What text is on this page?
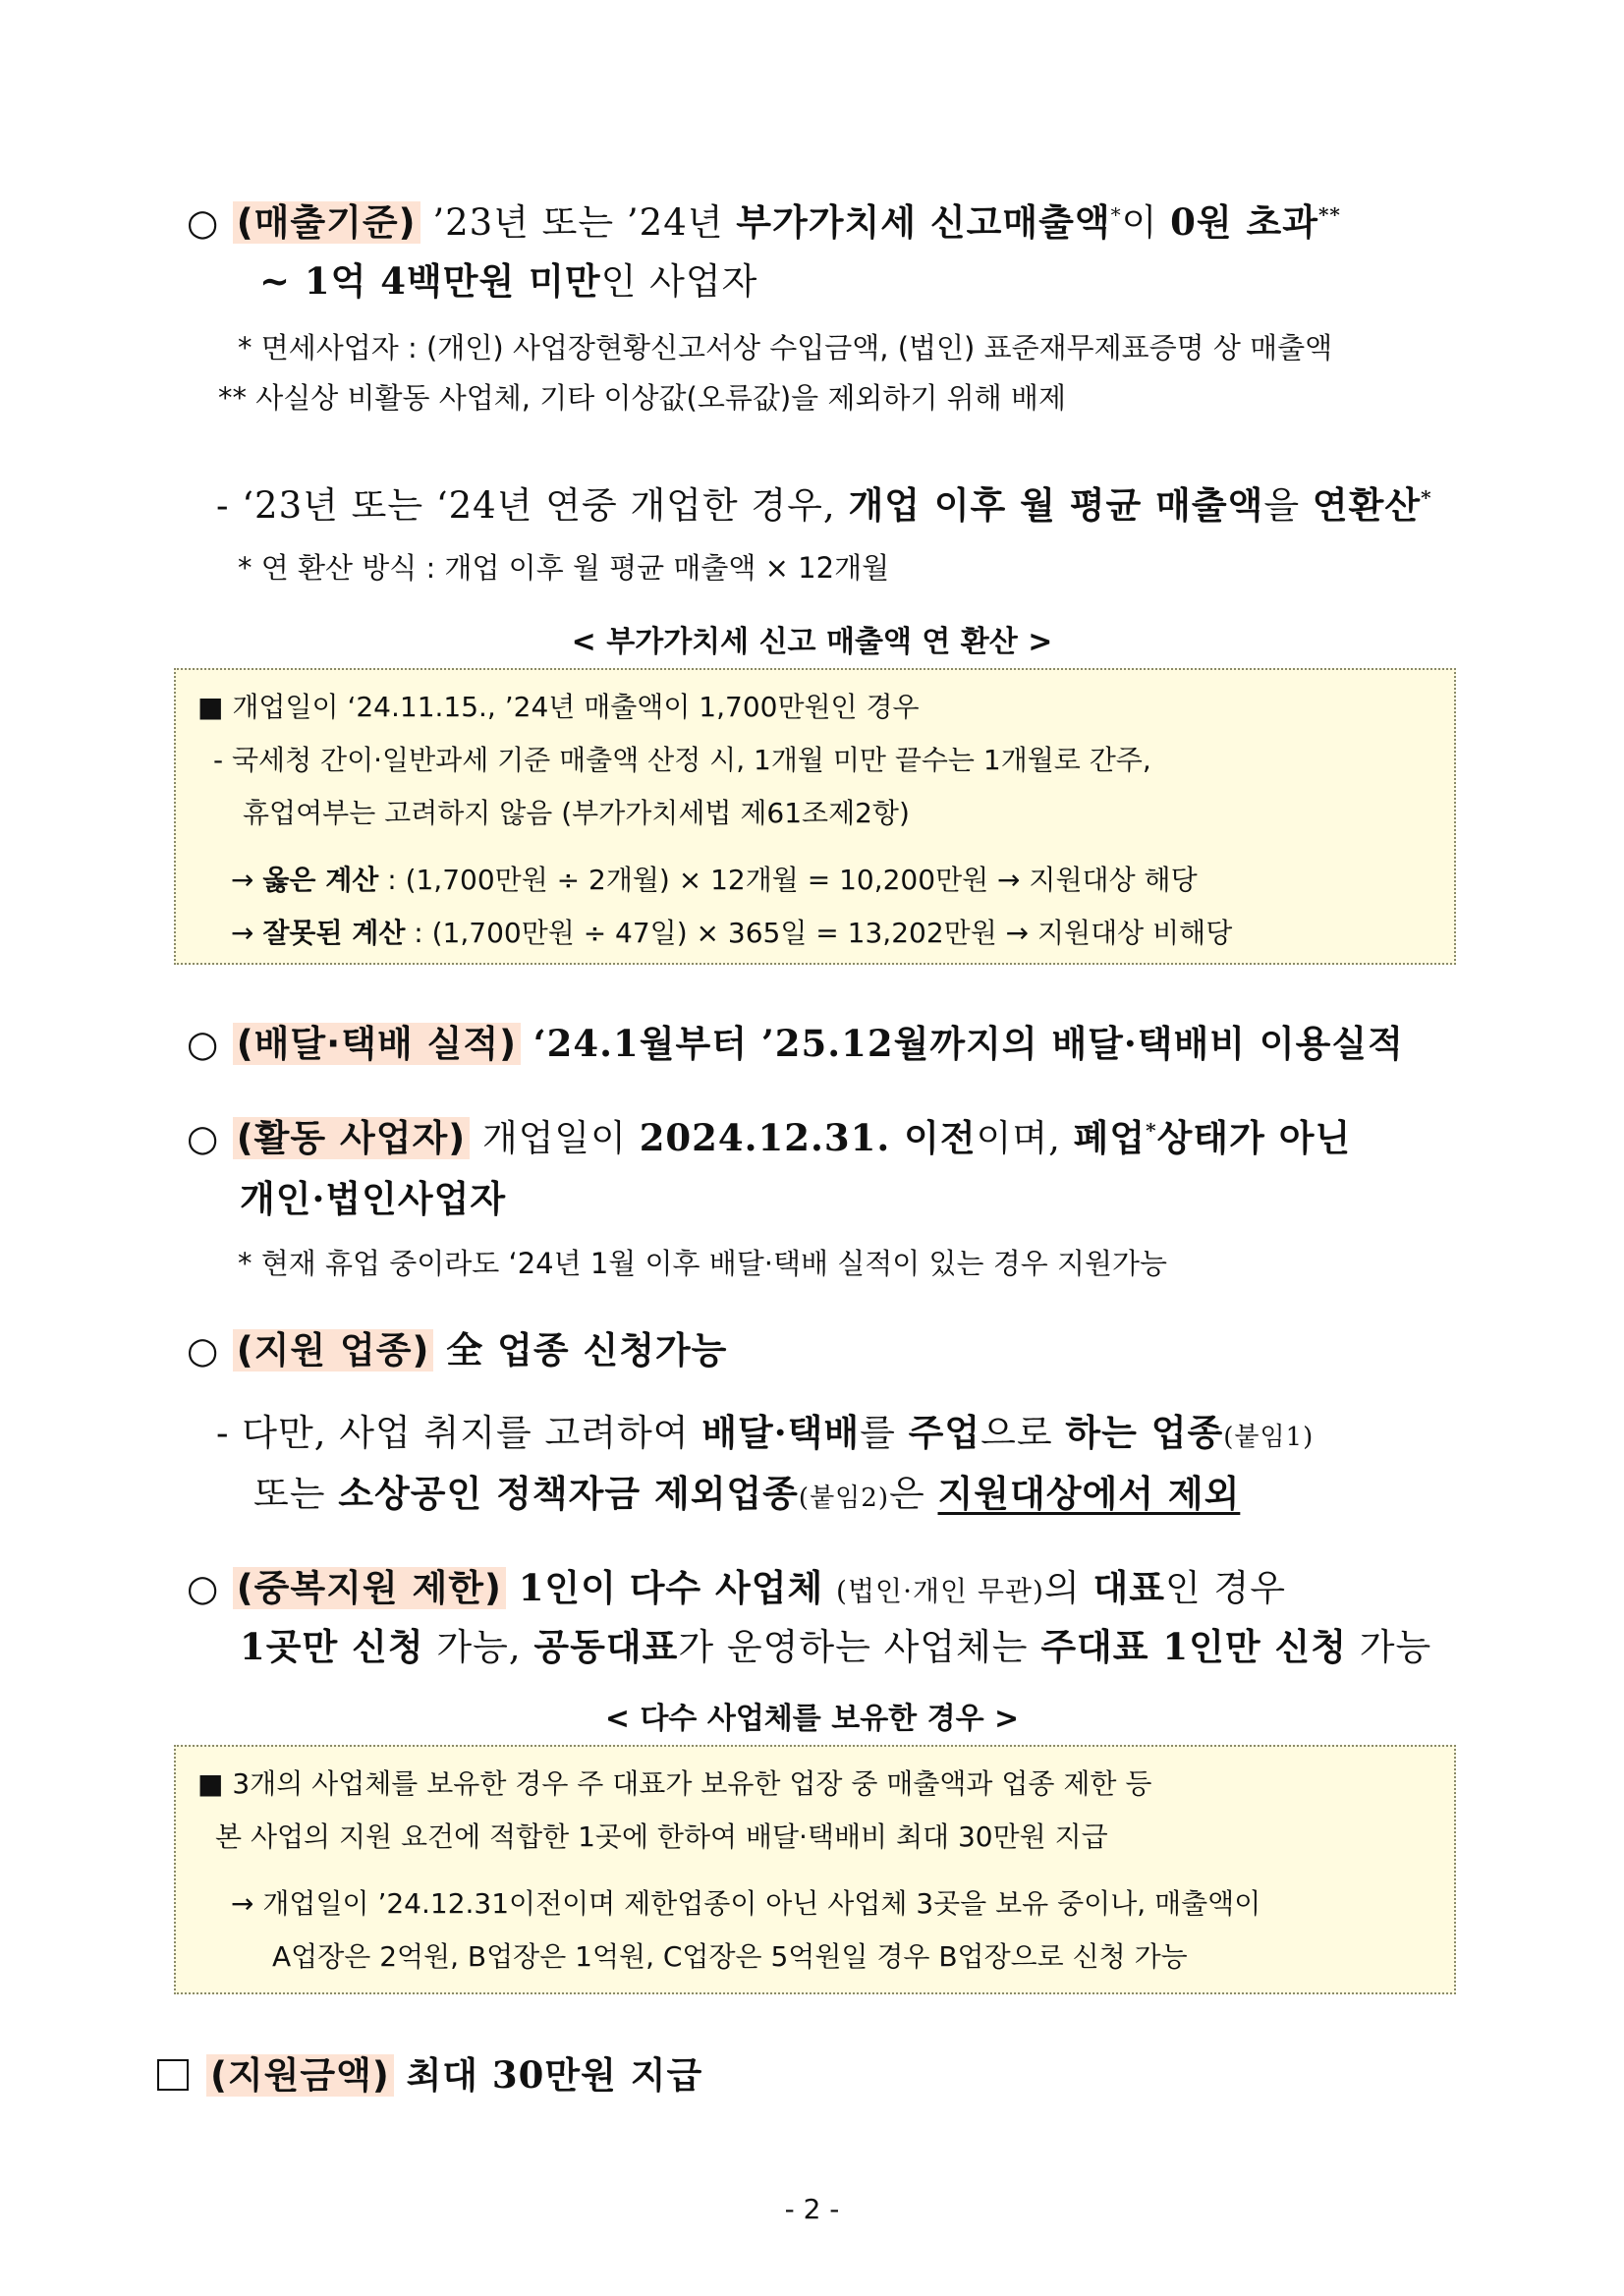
○ (매출기준) ’23년 또는 ’24년 부가가치세 신고매출액*이 0원 초과**
~ 1억 4백만원 미만인 사업자
* 면세사업자 : (개인) 사업장현황신고서상 수입금액, (법인) 표준재무제표증명 상 매출액
** 사실상 비활동 사업체, 기타 이상값(오류값)을 제외하기 위해 배제
- ‘23년 또는 ‘24년 연중 개업한 경우, 개업 이후 월 평균 매출액을 연환산*
* 연 환산 방식 : 개업 이후 월 평균 매출액 × 12개월
< 부가가치세 신고 매출액 연 환산 >
■ 개업일이 ‘24.11.15., ’24년 매출액이 1,700만원인 경우
- 국세청 간이·일반과세 기준 매출액 산정 시, 1개월 미만 끝수는 1개월로 간주,
휴업여부는 고려하지 않음 (부가가치세법 제61조제2항)
→ 옳은 계산 : (1,700만원 ÷ 2개월) × 12개월 = 10,200만원 → 지원대상 해당
→ 잘못된 계산 : (1,700만원 ÷ 47일) × 365일 = 13,202만원 → 지원대상 비해당
○ (배달·택배 실적) ‘24.1월부터 ’25.12월까지의 배달·택배비 이용실적
○ (활동 사업자) 개업일이 2024.12.31. 이전이며, 폐업*상태가 아닌
개인·법인사업자
* 현재 휴업 중이라도 ‘24년 1월 이후 배달·택배 실적이 있는 경우 지원가능
○ (지원 업종) 全 업종 신청가능
- 다만, 사업 취지를 고려하여 배달·택배를 주업으로 하는 업종(붙임1)
또는 소상공인 정책자금 제외업종(붙임2)은 지원대상에서 제외
○ (중복지원 제한) 1인이 다수 사업체 (법인·개인 무관)의 대표인 경우
1곳만 신청 가능, 공동대표가 운영하는 사업체는 주대표 1인만 신청 가능
< 다수 사업체를 보유한 경우 >
■ 3개의 사업체를 보유한 경우 주 대표가 보유한 업장 중 매출액과 업종 제한 등
본 사업의 지원 요건에 적합한 1곳에 한하여 배달·택배비 최대 30만원 지급
→ 개업일이 ’24.12.31이전이며 제한업종이 아닌 사업체 3곳을 보유 중이나, 매출액이
A업장은 2억원, B업장은 1억원, C업장은 5억원일 경우 B업장으로 신청 가능
(지원금액) 최대 30만원 지급
- 2 -
